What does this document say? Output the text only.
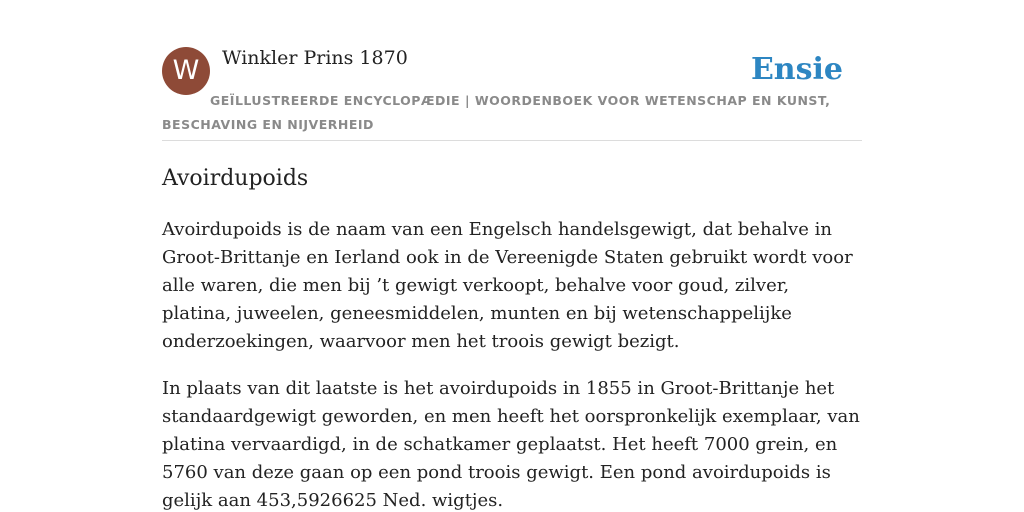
W	Winkler Prins 1870
GEÏLLUSTREERDE ENCYCLOPÆDIE | WOORDENBOEK VOOR WETENSCHAP EN KUNST, BESCHAVING EN NIJVERHEID
Ensie
Avoirdupoids

Avoirdupoids is de naam van een Engelsch handelsgewigt, dat behalve in Groot-Brittanje en Ierland ook in de Vereenigde Staten gebruikt wordt voor alle waren, die men bij ’t gewigt verkoopt, behalve voor goud, zilver, platina, juweelen, geneesmiddelen, munten en bij wetenschappelijke onderzoekingen, waarvoor men het troois gewigt bezigt.

In plaats van dit laatste is het avoirdupoids in 1855 in Groot-Brittanje het standaardgewigt geworden, en men heeft het oorspronkelijk exemplaar, van platina vervaardigd, in de schatkamer geplaatst. Het heeft 7000 grein, en 5760 van deze gaan op een pond troois gewigt. Een pond avoirdupoids is gelijk aan 453,5926625 Ned. wigtjes.
